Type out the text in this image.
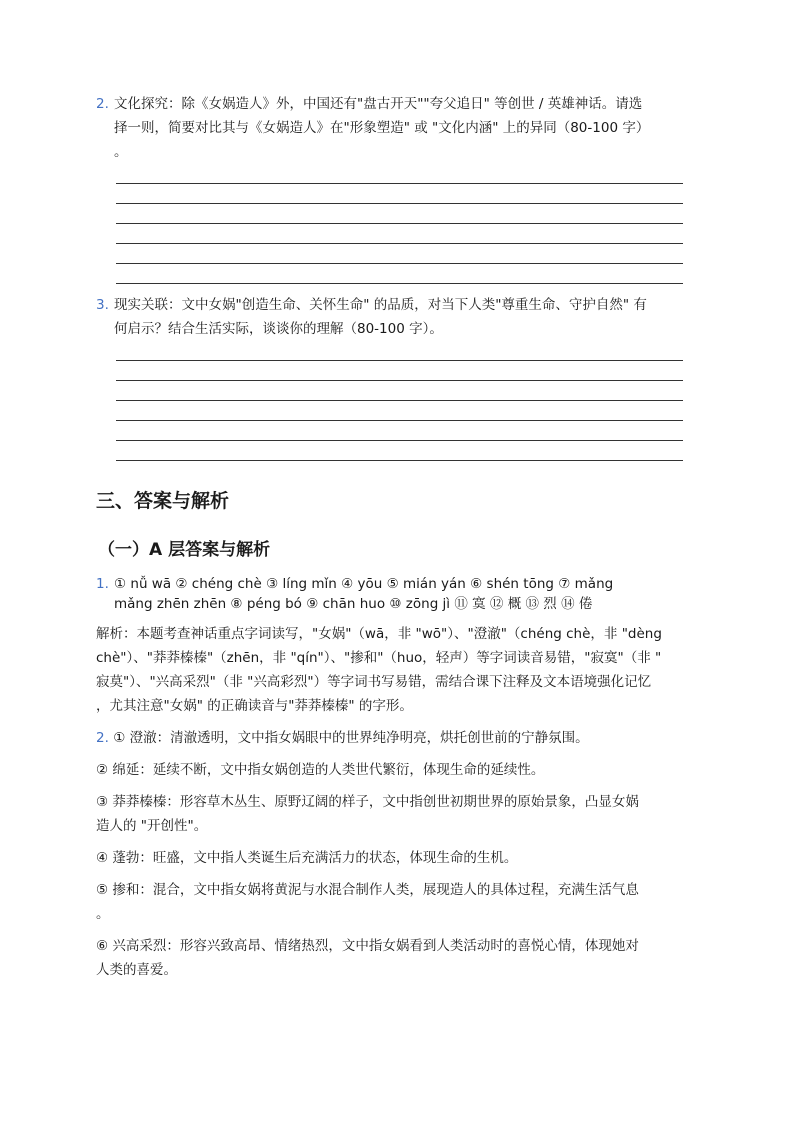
2. 文化探究：除《女娲造人》外，中国还有"盘古开天""夸父追日" 等创世 / 英雄神话。请选
择一则，简要对比其与《女娲造人》在"形象塑造" 或 "文化内涵" 上的异同（80-100 字）
。
3. 现实关联：文中女娲"创造生命、关怀生命" 的品质，对当下人类"尊重生命、守护自然" 有
何启示？结合生活实际，谈谈你的理解（80-100 字）。
三、答案与解析
（一）A 层答案与解析
1. ① nǚ wā ② chéng chè ③ líng mǐn ④ yōu ⑤ mián yán ⑥ shén tōng ⑦ mǎng
mǎng zhēn zhēn ⑧ péng bó ⑨ chān huo ⑩ zōng jì ⑪ 寞 ⑫ 概 ⑬ 烈 ⑭ 倦
解析：本题考查神话重点字词读写，"女娲"（wā，非 "wō"）、"澄澈"（chéng chè，非 "dèng
chè"）、"莽莽榛榛"（zhēn，非 "qín"）、"掺和"（huo，轻声）等字词读音易错，"寂寞"（非 "
寂莫"）、"兴高采烈"（非 "兴高彩烈"）等字词书写易错，需结合课下注释及文本语境强化记忆
，尤其注意"女娲" 的正确读音与"莽莽榛榛" 的字形。
2. ① 澄澈：清澈透明，文中指女娲眼中的世界纯净明亮，烘托创世前的宁静氛围。
② 绵延：延续不断，文中指女娲创造的人类世代繁衍，体现生命的延续性。
③ 莽莽榛榛：形容草木丛生、原野辽阔的样子，文中指创世初期世界的原始景象，凸显女娲
造人的 "开创性"。
④ 蓬勃：旺盛，文中指人类诞生后充满活力的状态，体现生命的生机。
⑤ 掺和：混合，文中指女娲将黄泥与水混合制作人类，展现造人的具体过程，充满生活气息
。
⑥ 兴高采烈：形容兴致高昂、情绪热烈，文中指女娲看到人类活动时的喜悦心情，体现她对
人类的喜爱。
